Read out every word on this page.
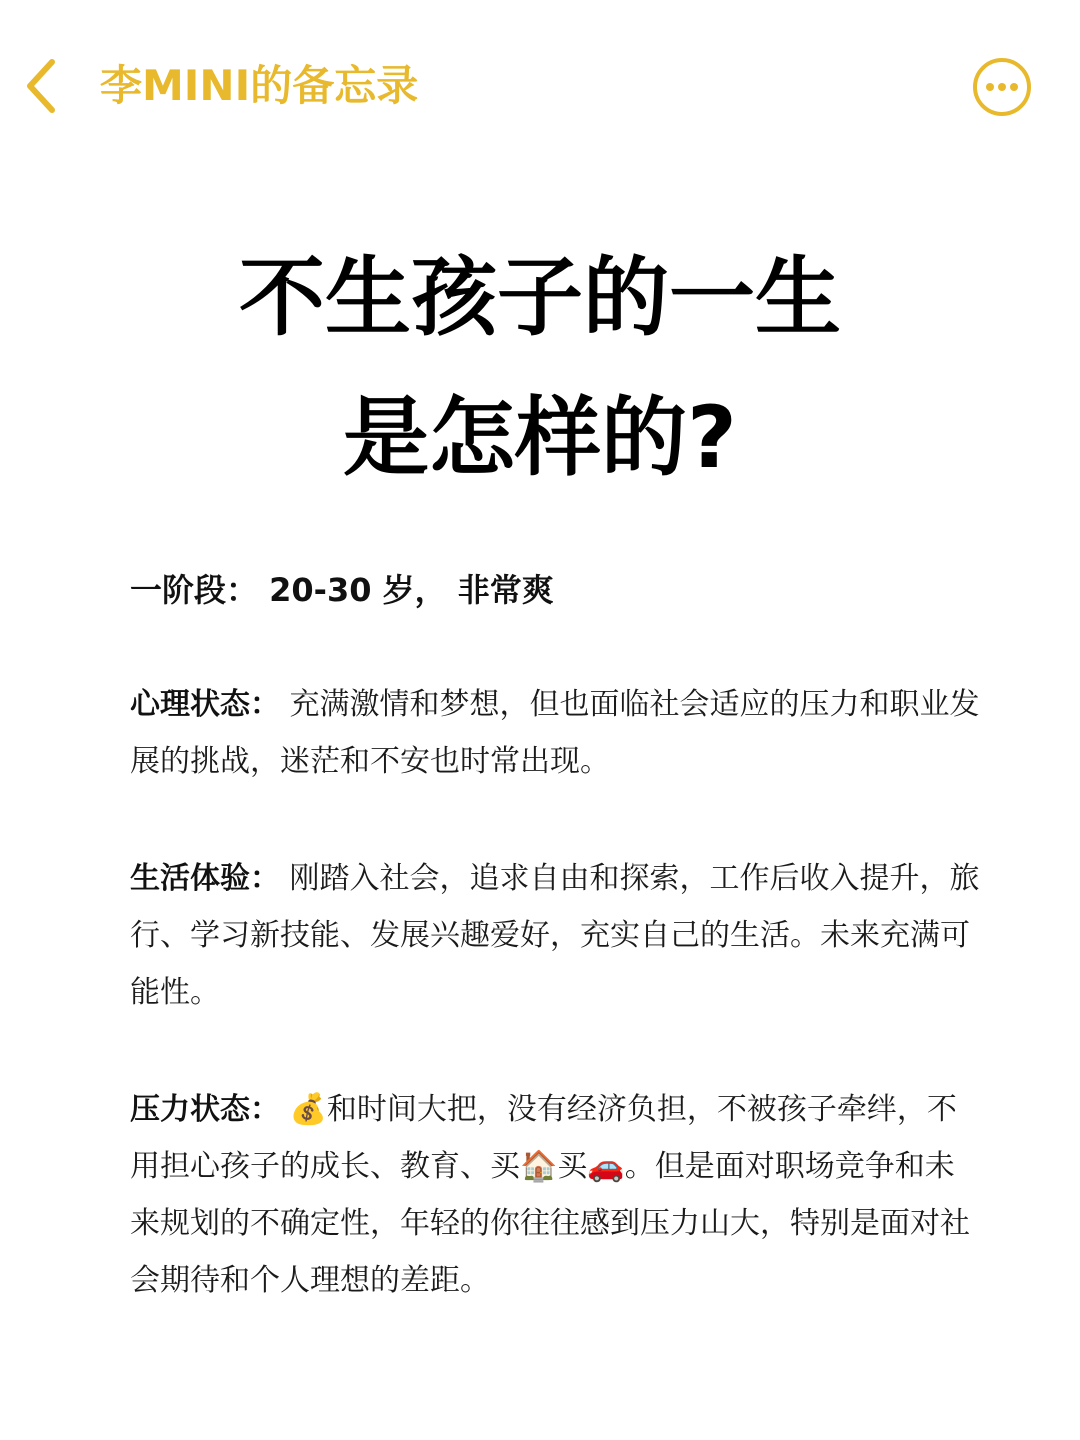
李MINI的备忘录
不生孩子的一生
是怎样的?
一阶段： 20-30 岁， 非常爽
心理状态： 充满激情和梦想，但也面临社会适应的压力和职业发展的挑战，迷茫和不安也时常出现。
生活体验： 刚踏入社会，追求自由和探索，工作后收入提升，旅行、学习新技能、发展兴趣爱好，充实自己的生活。未来充满可能性。
压力状态： 💰和时间大把，没有经济负担，不被孩子牵绊，不用担心孩子的成长、教育、买🏠买🚗。但是面对职场竞争和未来规划的不确定性，年轻的你往往感到压力山大，特别是面对社会期待和个人理想的差距。
